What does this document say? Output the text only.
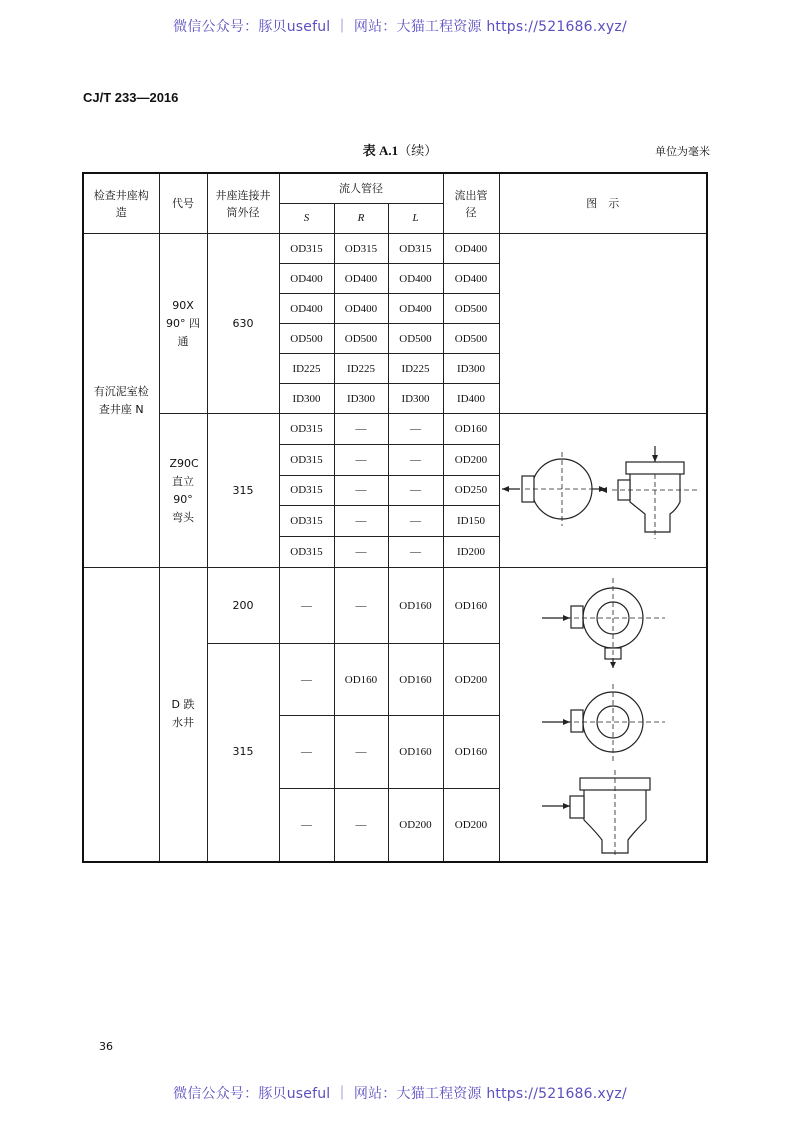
微信公众号：豚贝useful ｜ 网站：大猫工程资源 https://521686.xyz/
CJ/T 233—2016
表 A.1（续）	单位为毫米
检查井座构造	代号	井座连接井筒外径	流人管径			流出管径	图　示
			S	R	L		
有沉泥室检查井座 N	90X 90° 四通	630	OD315	OD315	OD315	OD400	
			OD400	OD400	OD400	OD400	
			OD400	OD400	OD400	OD500	
			OD500	OD500	OD500	OD500	
			ID225	ID225	ID225	ID300	
			ID300	ID300	ID300	ID400	
	Z90C 直立 90° 弯头	315	OD315	—	—	OD160	
			OD315	—	—	OD200	
			OD315	—	—	OD250	
			OD315	—	—	ID150	
			OD315	—	—	ID200	
	D 跌水井	200	—	—	OD160	OD160	
		315	—	OD160	OD160	OD200	
			—	—	OD160	OD160	
			—	—	OD200	OD200	
36
微信公众号：豚贝useful ｜ 网站：大猫工程资源 https://521686.xyz/
